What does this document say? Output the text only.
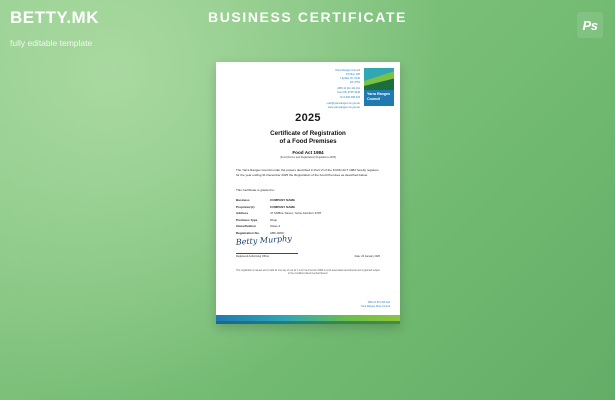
BETTY.MK
fully editable template
BUSINESS CERTIFICATE	Ps
Yarra Ranges Council
PO Box 105
Lilydale Vic 3140
DX 3751
ABN 11 111 111 111
Fax (03) 9735 4249
Tel 1300 368 333
mail@yarraranges.vic.gov.au
www.yarraranges.vic.gov.au
Yarra Ranges Council
2025
Certificate of Registration
of a Food Premises
Food Act 1984
(Food (Forms and Registration) Regulations 2005)
The Yarra Ranges Council under the powers described in Part VI of the FOOD ACT 1984 hereby registers for the year ending 31 December 2025 the Registration of the Food Premises as described below.
This Certificate is granted to:
Business	COMPANY NAME
Proprietor(s)	COMPANY NAME
Address	47 McBrie Street, Yarra Junction 3797
Premises Type	Shop
Classification	Class 2
Registration No.	ABF-0000
Betty Murphy
Registered Authorising Officer	Date: 20 January 2025
This registration is issued and is valid for one day of use for it is for the Food Act 1984 or such associated amendments and is granted subject to the conditions listed overleaf thereof.
ABN 21 873 226 912
Yarra Ranges Shire Council
